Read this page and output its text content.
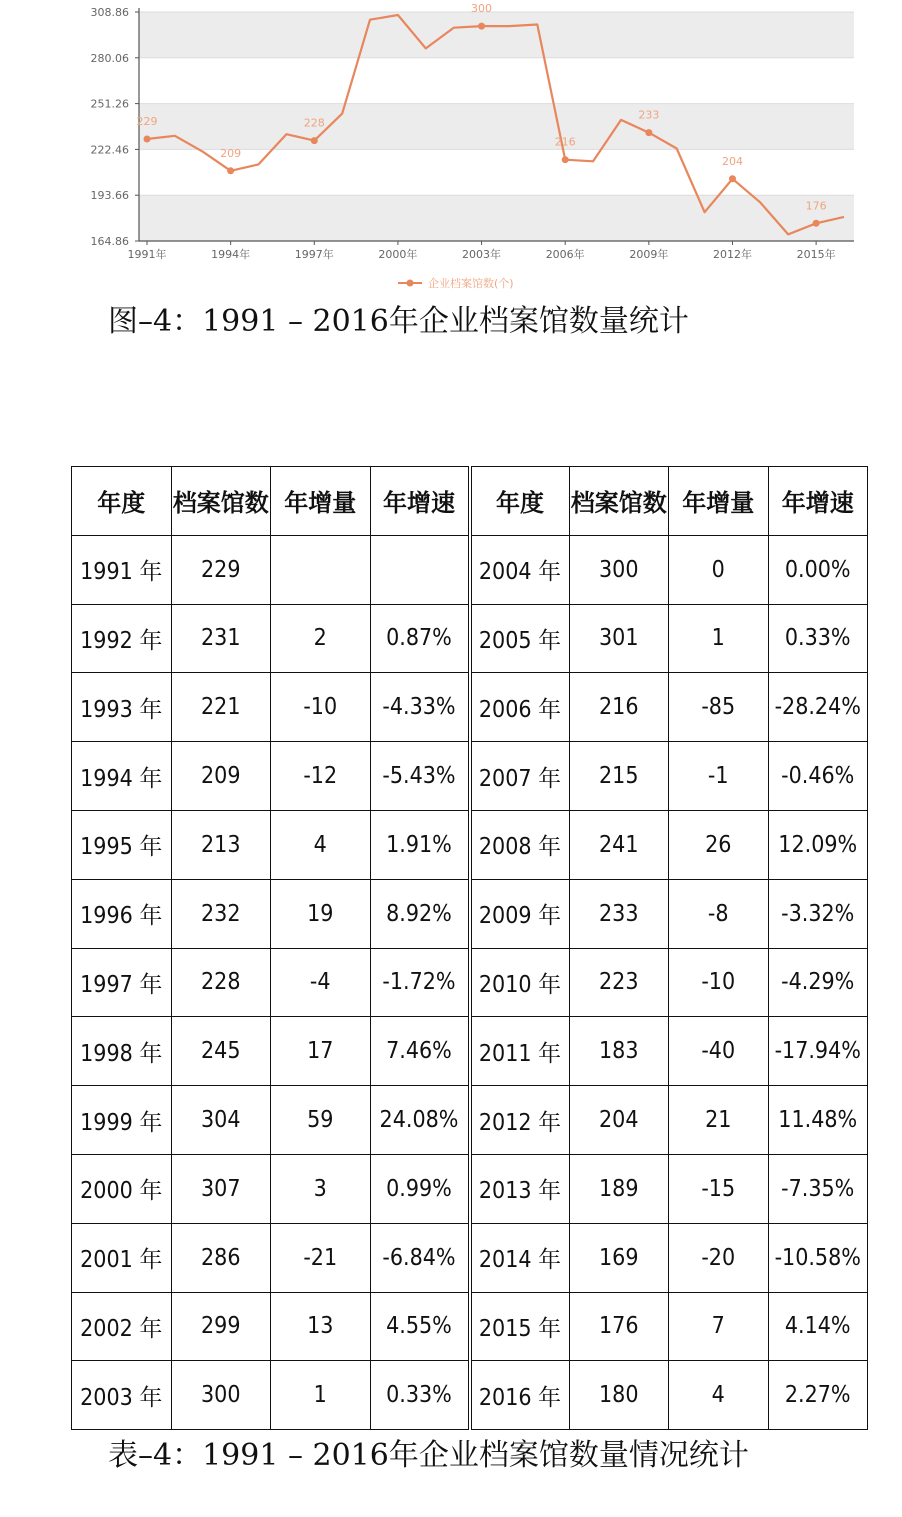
164.86
193.66
222.46
251.26
280.06
308.86
1991年	1994年	1997年	2000年	2003年	2006年	2009年	2012年	2015年
229
209
228
300
216
233
204
176
企业档案馆数(个)
图–4：1991 – 2016年企业档案馆数量统计
年度	档案馆数	年增量	年增速	年度	档案馆数	年增量	年增速
1991 年	229			2004 年	300	0	0.00%
1992 年	231	2	0.87%	2005 年	301	1	0.33%
1993 年	221	-10	-4.33%	2006 年	216	-85	-28.24%
1994 年	209	-12	-5.43%	2007 年	215	-1	-0.46%
1995 年	213	4	1.91%	2008 年	241	26	12.09%
1996 年	232	19	8.92%	2009 年	233	-8	-3.32%
1997 年	228	-4	-1.72%	2010 年	223	-10	-4.29%
1998 年	245	17	7.46%	2011 年	183	-40	-17.94%
1999 年	304	59	24.08%	2012 年	204	21	11.48%
2000 年	307	3	0.99%	2013 年	189	-15	-7.35%
2001 年	286	-21	-6.84%	2014 年	169	-20	-10.58%
2002 年	299	13	4.55%	2015 年	176	7	4.14%
2003 年	300	1	0.33%	2016 年	180	4	2.27%
表–4：1991 – 2016年企业档案馆数量情况统计
